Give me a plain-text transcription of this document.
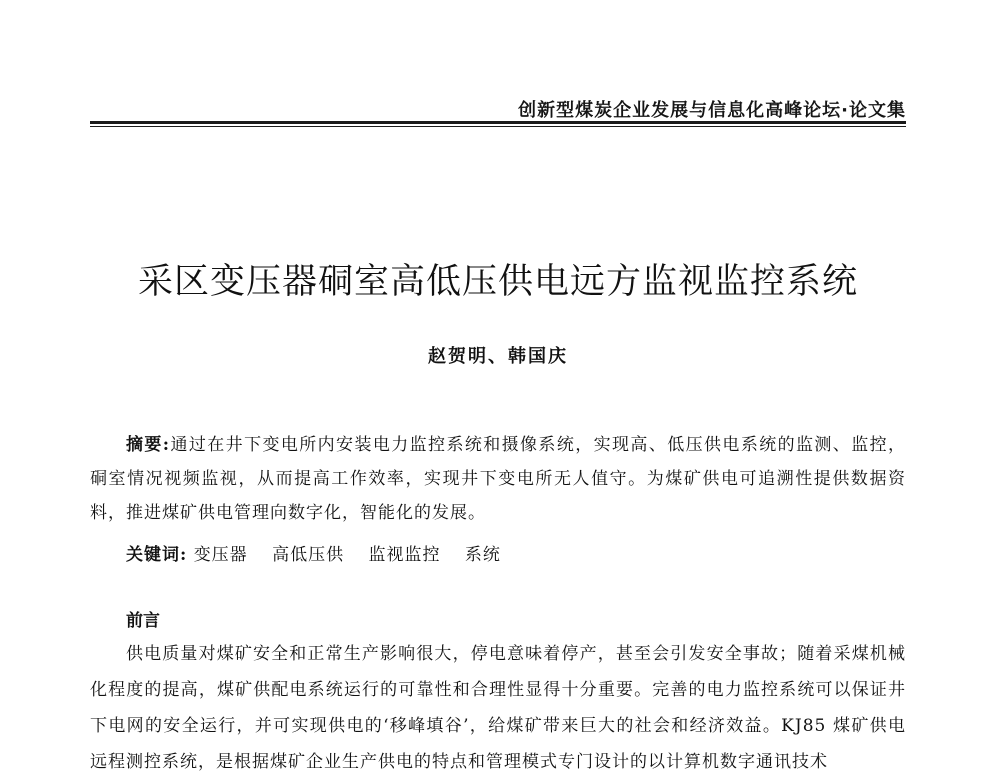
创新型煤炭企业发展与信息化高峰论坛·论文集
采区变压器硐室高低压供电远方监视监控系统
赵贺明、韩国庆

摘要:通过在井下变电所内安装电力监控系统和摄像系统，实现高、低压供电系统的监测、监控，硐室情况视频监视，从而提高工作效率，实现井下变电所无人值守。为煤矿供电可追溯性提供数据资料，推进煤矿供电管理向数字化，智能化的发展。

关键词: 变压器 高低压供 监视监控 系统
前言

供电质量对煤矿安全和正常生产影响很大，停电意味着停产，甚至会引发安全事故；随着采煤机械化程度的提高，煤矿供配电系统运行的可靠性和合理性显得十分重要。完善的电力监控系统可以保证井下电网的安全运行，并可实现供电的‘移峰填谷’，给煤矿带来巨大的社会和经济效益。KJ85 煤矿供电远程测控系统，是根据煤矿企业生产供电的特点和管理模式专门设计的以计算机数字通讯技术
